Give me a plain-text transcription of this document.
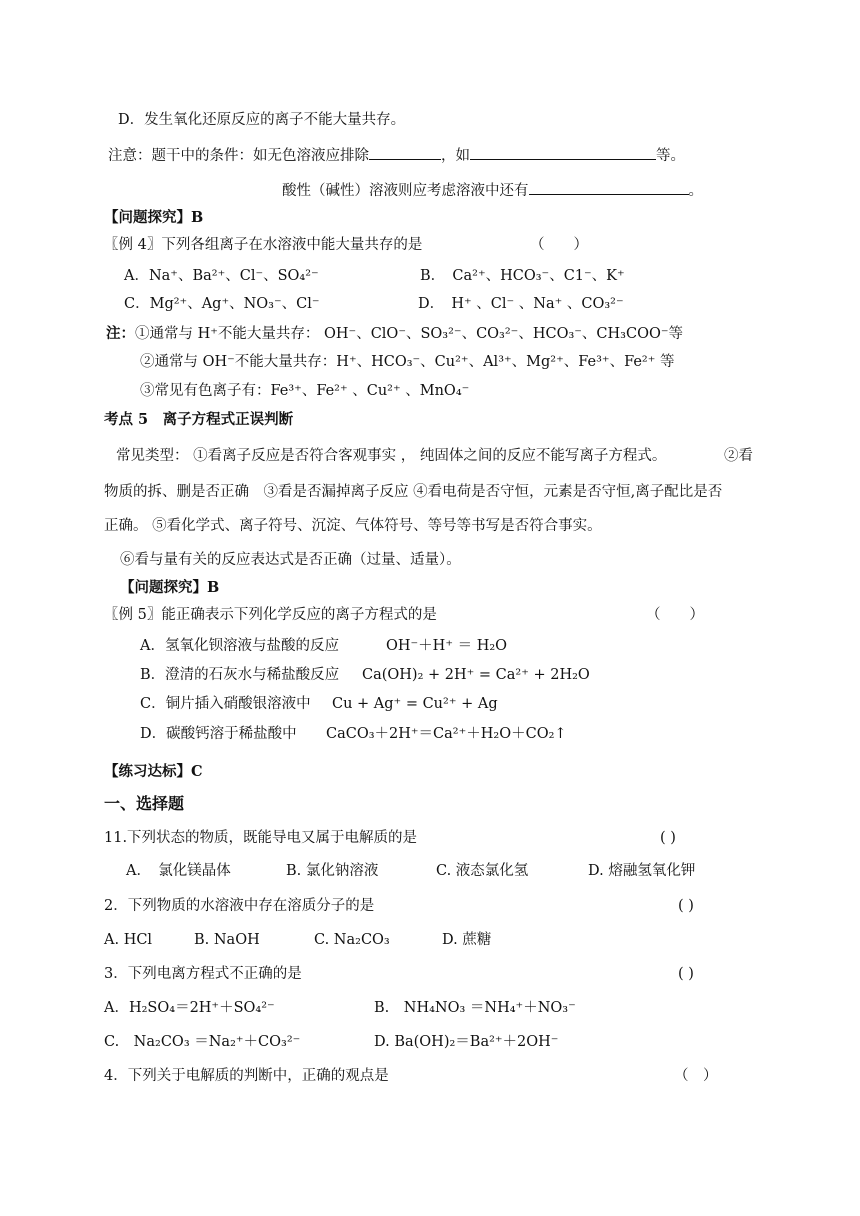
D．发生氧化还原反应的离子不能大量共存。
注意：题干中的条件：如无色溶液应排除	，如	等。
酸性（碱性）溶液则应考虑溶液中还有	。
【问题探究】B
〖例 4〗下列各组离子在水溶液中能大量共存的是	（　　）
A．Na⁺、Ba²⁺、Cl⁻、SO₄²⁻	B．　Ca²⁺、HCO₃⁻、C1⁻、K⁺
C．Mg²⁺、Ag⁺、NO₃⁻、Cl⁻	D．　H⁺ 、Cl⁻ 、Na⁺ 、CO₃²⁻
注：①通常与 H⁺不能大量共存： OH⁻、ClO⁻、SO₃²⁻、CO₃²⁻、HCO₃⁻、CH₃COO⁻等
②通常与 OH⁻不能大量共存：H⁺、HCO₃⁻、Cu²⁺、Al³⁺、Mg²⁺、Fe³⁺、Fe²⁺ 等
③常见有色离子有：Fe³⁺、Fe²⁺ 、Cu²⁺ 、MnO₄⁻
考点 5　离子方程式正误判断
常见类型： ①看离子反应是否符合客观事实 ， 纯固体之间的反应不能写离子方程式。	②看
物质的拆、删是否正确　③看是否漏掉离子反应 ④看电荷是否守恒，元素是否守恒,离子配比是否
正确。 ⑤看化学式、离子符号、沉淀、气体符号、等号等书写是否符合事实。
⑥看与量有关的反应表达式是否正确（过量、适量）。
【问题探究】B
〖例 5〗能正确表示下列化学反应的离子方程式的是	（　　）
A．氢氧化钡溶液与盐酸的反应	OH⁻＋H⁺ ＝ H₂O
B．澄清的石灰水与稀盐酸反应 Ca(OH)₂ + 2H⁺ = Ca²⁺ + 2H₂O
C．铜片插入硝酸银溶液中 Cu + Ag⁺ = Cu²⁺ + Ag
D．碳酸钙溶于稀盐酸中 CaCO₃＋2H⁺＝Ca²⁺＋H₂O＋CO₂↑
【练习达标】C
一、选择题
11.下列状态的物质，既能导电又属于电解质的是	( )
A．　氯化镁晶体	B. 氯化钠溶液	C. 液态氯化氢	D. 熔融氢氧化钾
2．下列物质的水溶液中存在溶质分子的是	( )
A. HCl	B. NaOH	C. Na₂CO₃	D. 蔗糖
3．下列电离方程式不正确的是	( )
A．H₂SO₄＝2H⁺＋SO₄²⁻	B.　NH₄NO₃ ＝NH₄⁺＋NO₃⁻
C.　Na₂CO₃ ＝Na₂⁺＋CO₃²⁻	D. Ba(OH)₂＝Ba²⁺＋2OH⁻
4．下列关于电解质的判断中，正确的观点是	（　）
